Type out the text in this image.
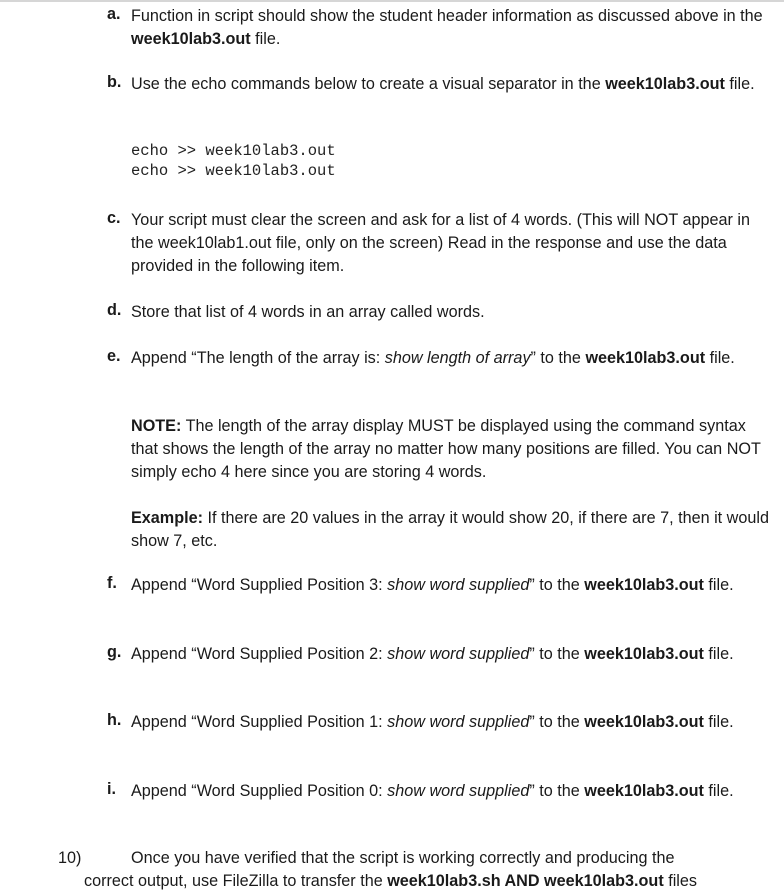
a. Function in script should show the student header information as discussed above in the week10lab3.out file.
b. Use the echo commands below to create a visual separator in the week10lab3.out file.
echo >> week10lab3.out
echo >> week10lab3.out
c. Your script must clear the screen and ask for a list of 4 words. (This will NOT appear in the week10lab1.out file, only on the screen) Read in the response and use the data provided in the following item.
d. Store that list of 4 words in an array called words.
e. Append “The length of the array is: show length of array” to the week10lab3.out file.
NOTE: The length of the array display MUST be displayed using the command syntax that shows the length of the array no matter how many positions are filled. You can NOT simply echo 4 here since you are storing 4 words.
Example: If there are 20 values in the array it would show 20, if there are 7, then it would show 7, etc.
f. Append “Word Supplied Position 3: show word supplied” to the week10lab3.out file.
g. Append “Word Supplied Position 2: show word supplied” to the week10lab3.out file.
h. Append “Word Supplied Position 1: show word supplied” to the week10lab3.out file.
i. Append “Word Supplied Position 0: show word supplied” to the week10lab3.out file.
10)	Once you have verified that the script is working correctly and producing the
correct output, use FileZilla to transfer the week10lab3.sh AND week10lab3.out files
